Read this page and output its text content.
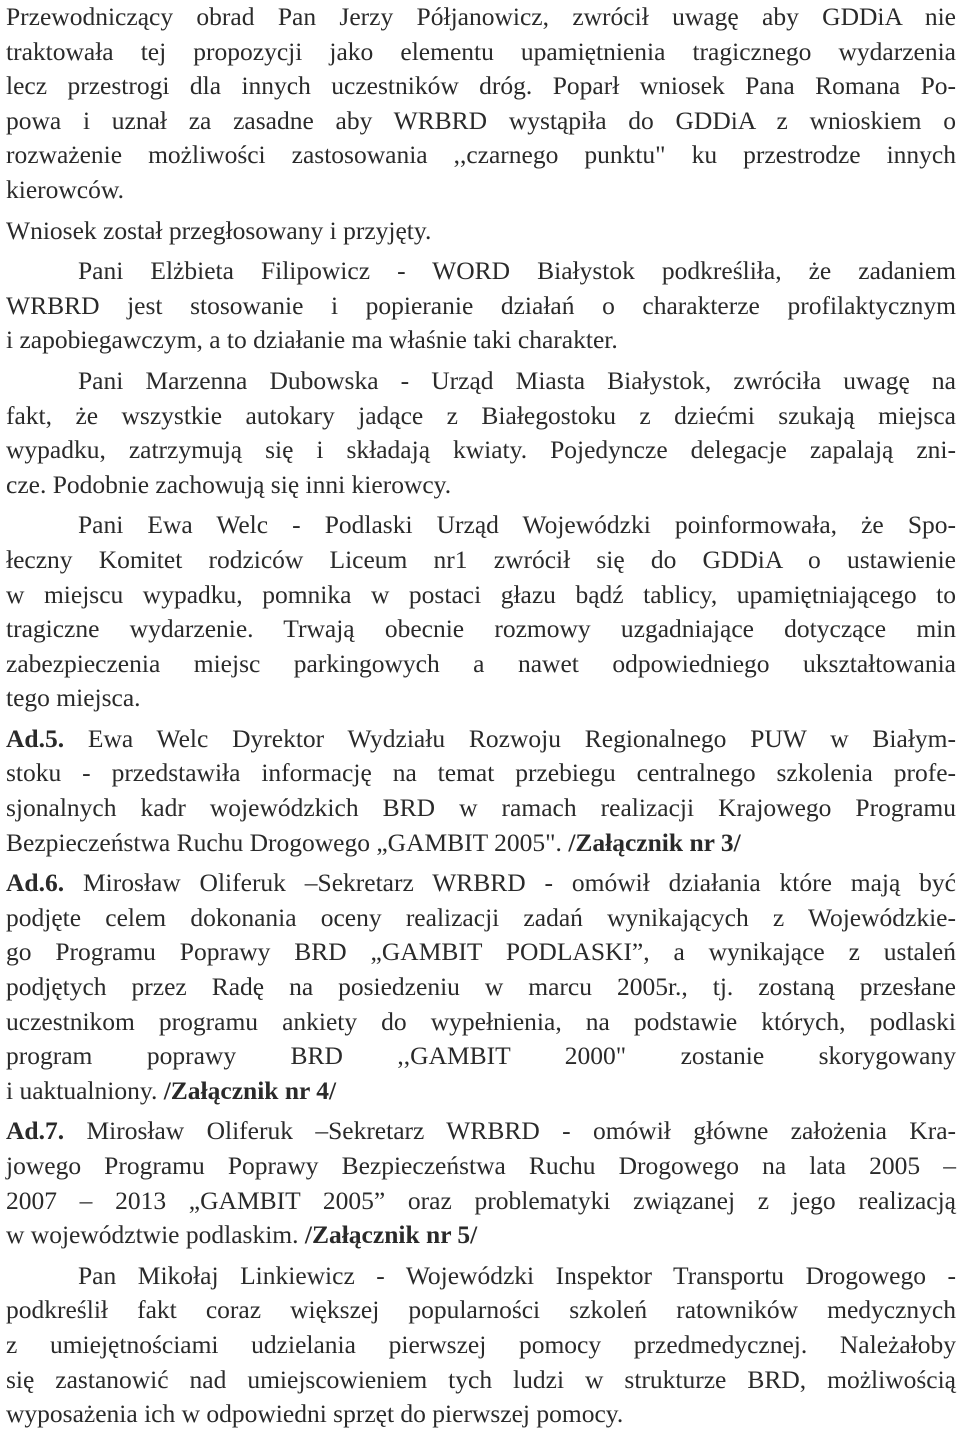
Przewodniczący obrad Pan Jerzy Półjanowicz, zwrócił uwagę aby GDDiA nie
traktowała tej propozycji jako elementu upamiętnienia tragicznego wydarzenia
lecz przestrogi dla innych uczestników dróg. Poparł wniosek Pana Romana Po-
powa i uznał za zasadne aby WRBRD wystąpiła do GDDiA z wnioskiem o
rozważenie możliwości zastosowania ,,czarnego punktu" ku przestrodze innych
kierowców.
Wniosek został przegłosowany i przyjęty.
Pani Elżbieta Filipowicz - WORD Białystok podkreśliła, że zadaniem
WRBRD jest stosowanie i popieranie działań o charakterze profilaktycznym
i zapobiegawczym, a to działanie ma właśnie taki charakter.
Pani Marzenna Dubowska - Urząd Miasta Białystok, zwróciła uwagę na
fakt, że wszystkie autokary jadące z Białegostoku z dziećmi szukają miejsca
wypadku, zatrzymują się i składają kwiaty. Pojedyncze delegacje zapalają zni-
cze. Podobnie zachowują się inni kierowcy.
Pani Ewa Welc - Podlaski Urząd Wojewódzki poinformowała, że Spo-
łeczny Komitet rodziców Liceum nr1 zwrócił się do GDDiA o ustawienie
w miejscu wypadku, pomnika w postaci głazu bądź tablicy, upamiętniającego to
tragiczne wydarzenie. Trwają obecnie rozmowy uzgadniające dotyczące min
zabezpieczenia miejsc parkingowych a nawet odpowiedniego ukształtowania
tego miejsca.
Ad.5. Ewa Welc Dyrektor Wydziału Rozwoju Regionalnego PUW w Białym-
stoku - przedstawiła informację na temat przebiegu centralnego szkolenia profe-
sjonalnych kadr wojewódzkich BRD w ramach realizacji Krajowego Programu
Bezpieczeństwa Ruchu Drogowego „GAMBIT 2005". /Załącznik nr 3/
Ad.6. Mirosław Oliferuk –Sekretarz WRBRD - omówił działania które mają być
podjęte celem dokonania oceny realizacji zadań wynikających z Wojewódzkie-
go Programu Poprawy BRD „GAMBIT PODLASKI”, a wynikające z ustaleń
podjętych przez Radę na posiedzeniu w marcu 2005r., tj. zostaną przesłane
uczestnikom programu ankiety do wypełnienia, na podstawie których, podlaski
program poprawy BRD ,,GAMBIT 2000" zostanie skorygowany
i uaktualniony. /Załącznik nr 4/
Ad.7. Mirosław Oliferuk –Sekretarz WRBRD - omówił główne założenia Kra-
jowego Programu Poprawy Bezpieczeństwa Ruchu Drogowego na lata 2005 –
2007 – 2013 „GAMBIT 2005” oraz problematyki związanej z jego realizacją
w województwie podlaskim. /Załącznik nr 5/
Pan Mikołaj Linkiewicz - Wojewódzki Inspektor Transportu Drogowego -
podkreślił fakt coraz większej popularności szkoleń ratowników medycznych
z umiejętnościami udzielania pierwszej pomocy przedmedycznej. Należałoby
się zastanowić nad umiejscowieniem tych ludzi w strukturze BRD, możliwością
wyposażenia ich w odpowiedni sprzęt do pierwszej pomocy.
